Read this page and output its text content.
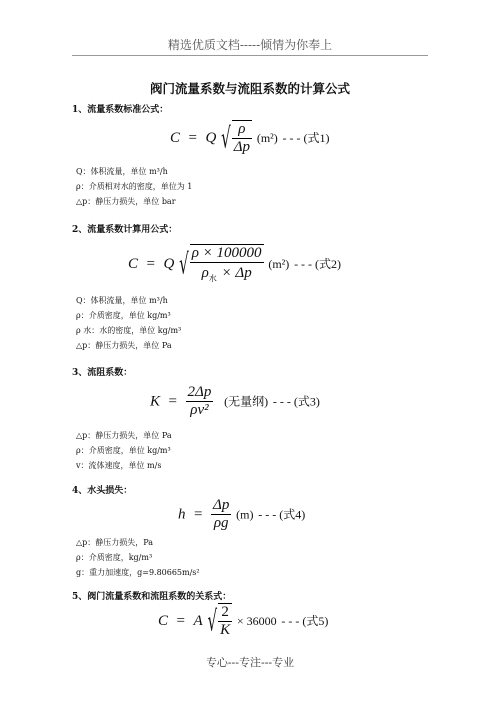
精选优质文档-----倾情为你奉上
阀门流量系数与流阻系数的计算公式
1、流量系数标准公式：
C  =  Q √ $\frac{\rho}{\Delta p} (m^2)$ - - - (式1)
Q：体积流量，单位 m³/h
ρ：介质相对水的密度，单位为 1
△p：静压力损失，单位 bar
2、流量系数计算用公式：
C  =  Q √ $\frac{\rho \times 100000}{\rho_水 \times \Delta p} (m^2)$ - - - (式2)
Q：体积流量，单位 m³/h
ρ：介质密度，单位 kg/m³
ρ 水：水的密度，单位 kg/m³
△p：静压力损失，单位 Pa
3、流阻系数：
$K = \frac{2\Delta p}{\text{ρv²}}$ (无量纲) - - - (式3)
△p：静压力损失，单位 Pa
ρ：介质密度，单位 kg/m³
v：流体速度，单位 m/s
4、水头损失：
$h = \frac{\Delta p}{\rho g} (m)$ - - - (式4)
△p：静压力损失，Pa
ρ：介质密度，kg/m³
g：重力加速度，g=9.80665m/s²
5、阀门流量系数和流阻系数的关系式：
C  =  A √ $\frac{2}{K} \times 36000$ - - - (式5)
专心---专注---专业
